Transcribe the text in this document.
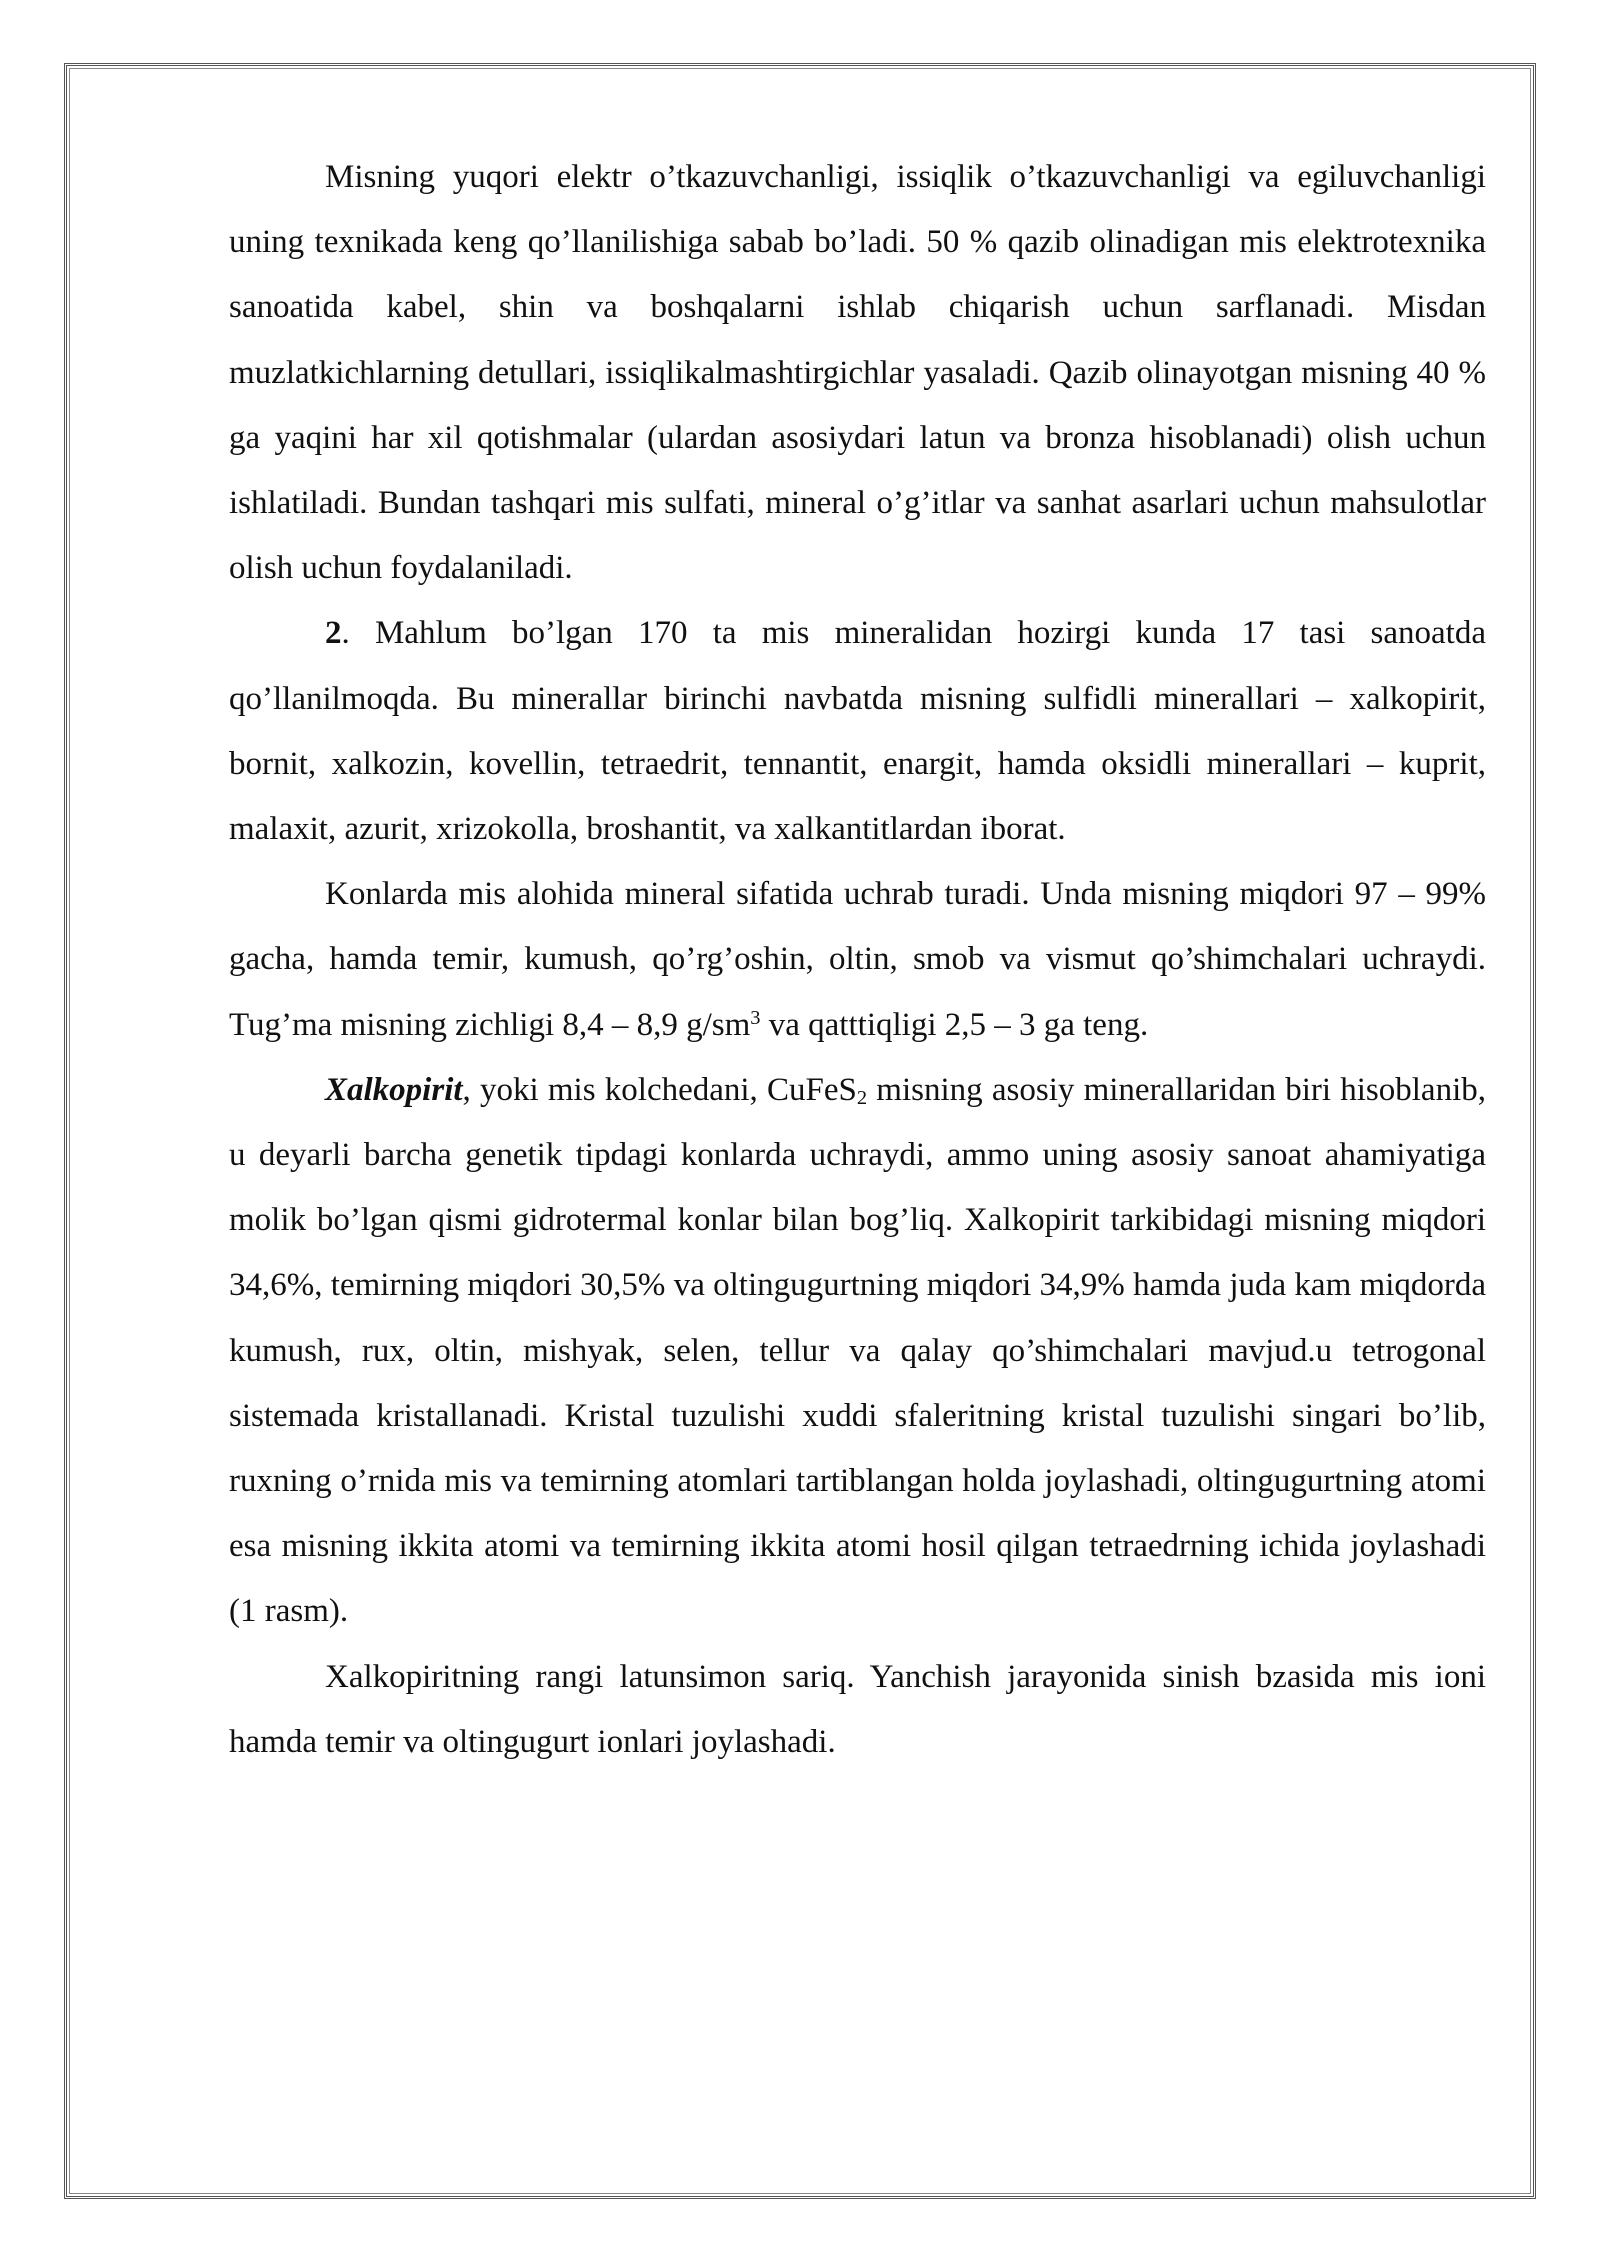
Misning yuqori elektr o’tkazuvchanligi, issiqlik o’tkazuvchanligi va egiluvchanligi uning texnikada keng qo’llanilishiga sabab bo’ladi. 50 % qazib olinadigan mis elektrotexnika sanoatida kabel, shin va boshqalarni ishlab chiqarish uchun sarflanadi. Misdan muzlatkichlarning detullari, issiqlikalmashtirgichlar yasaladi. Qazib olinayotgan misning 40 % ga yaqini har xil qotishmalar (ulardan asosiydari latun va bronza hisoblanadi) olish uchun ishlatiladi. Bundan tashqari mis sulfati, mineral o’g’itlar va sanhat asarlari uchun mahsulotlar olish uchun foydalaniladi.

2. Mahlum bo’lgan 170 ta mis mineralidan hozirgi kunda 17 tasi sanoatda qo’llanilmoqda. Bu minerallar birinchi navbatda misning sulfidli minerallari – xalkopirit, bornit, xalkozin, kovellin, tetraedrit, tennantit, enargit, hamda oksidli minerallari – kuprit, malaxit, azurit, xrizokolla, broshantit, va xalkantitlardan iborat.

Konlarda mis alohida mineral sifatida uchrab turadi. Unda misning miqdori 97 – 99% gacha, hamda temir, kumush, qo’rg’oshin, oltin, smob va vismut qo’shimchalari uchraydi. Tug’ma misning zichligi 8,4 – 8,9 $g/sm^3$ va qatttiqligi 2,5 – 3 ga teng.

Xalkopirit, yoki mis kolchedani, CuFeS$_2$ misning asosiy minerallaridan biri hisoblanib, u deyarli barcha genetik tipdagi konlarda uchraydi, ammo uning asosiy sanoat ahamiyatiga molik bo’lgan qismi gidrotermal konlar bilan bog’liq. Xalkopirit tarkibidagi misning miqdori 34,6%, temirning miqdori 30,5% va oltingugurtning miqdori 34,9% hamda juda kam miqdorda kumush, rux, oltin, mishyak, selen, tellur va qalay qo’shimchalari mavjud.u tetrogonal sistemada kristallanadi. Kristal tuzulishi xuddi sfaleritning kristal tuzulishi singari bo’lib, ruxning o’rnida mis va temirning atomlari tartiblangan holda joylashadi, oltingugurtning atomi esa misning ikkita atomi va temirning ikkita atomi hosil qilgan tetraedrning ichida joylashadi (1 rasm).

Xalkopiritning rangi latunsimon sariq. Yanchish jarayonida sinish bzasida mis ioni hamda temir va oltingugurt ionlari joylashadi.
